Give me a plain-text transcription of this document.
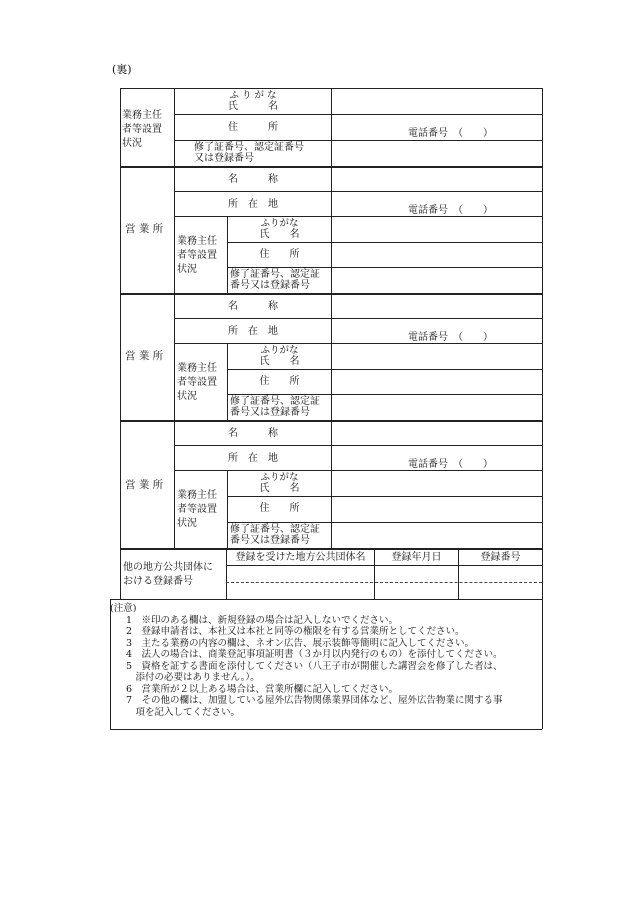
(裏)
業務主任
者等設置
状況
ふ り が な
氏　　　名
住　　　所
電話番号　（　　）
修了証番号、認定証番号
又は登録番号
営 業 所
名　　　称
所　在　地
電話番号　（　　）
業務主任
者等設置
状況
ふりがな
氏　　名
住　　所
修了証番号、認定証
番号又は登録番号
営 業 所
名　　　称
所　在　地
電話番号　（　　）
業務主任
者等設置
状況
ふりがな
氏　　名
住　　所
修了証番号、認定証
番号又は登録番号
営 業 所
名　　　称
所　在　地
電話番号　（　　）
業務主任
者等設置
状況
ふりがな
氏　　名
住　　所
修了証番号、認定証
番号又は登録番号
他の地方公共団体に
おける登録番号
登録を受けた地方公共団体名	登録年月日	登録番号
(注意)
1　※印のある欄は、新規登録の場合は記入しないでください。
2　登録申請者は、本社又は本社と同等の権限を有する営業所としてください。
3　主たる業務の内容の欄は、ネオン広告、展示装飾等簡明に記入してください。
4　法人の場合は、商業登記事項証明書（３か月以内発行のもの）を添付してください。
5　資格を証する書面を添付してください（八王子市が開催した講習会を修了した者は、
　添付の必要はありません。）。
6　営業所が２以上ある場合は、営業所欄に記入してください。
7　その他の欄は、加盟している屋外広告物関係業界団体など、屋外広告物業に関する事
　項を記入してください。
